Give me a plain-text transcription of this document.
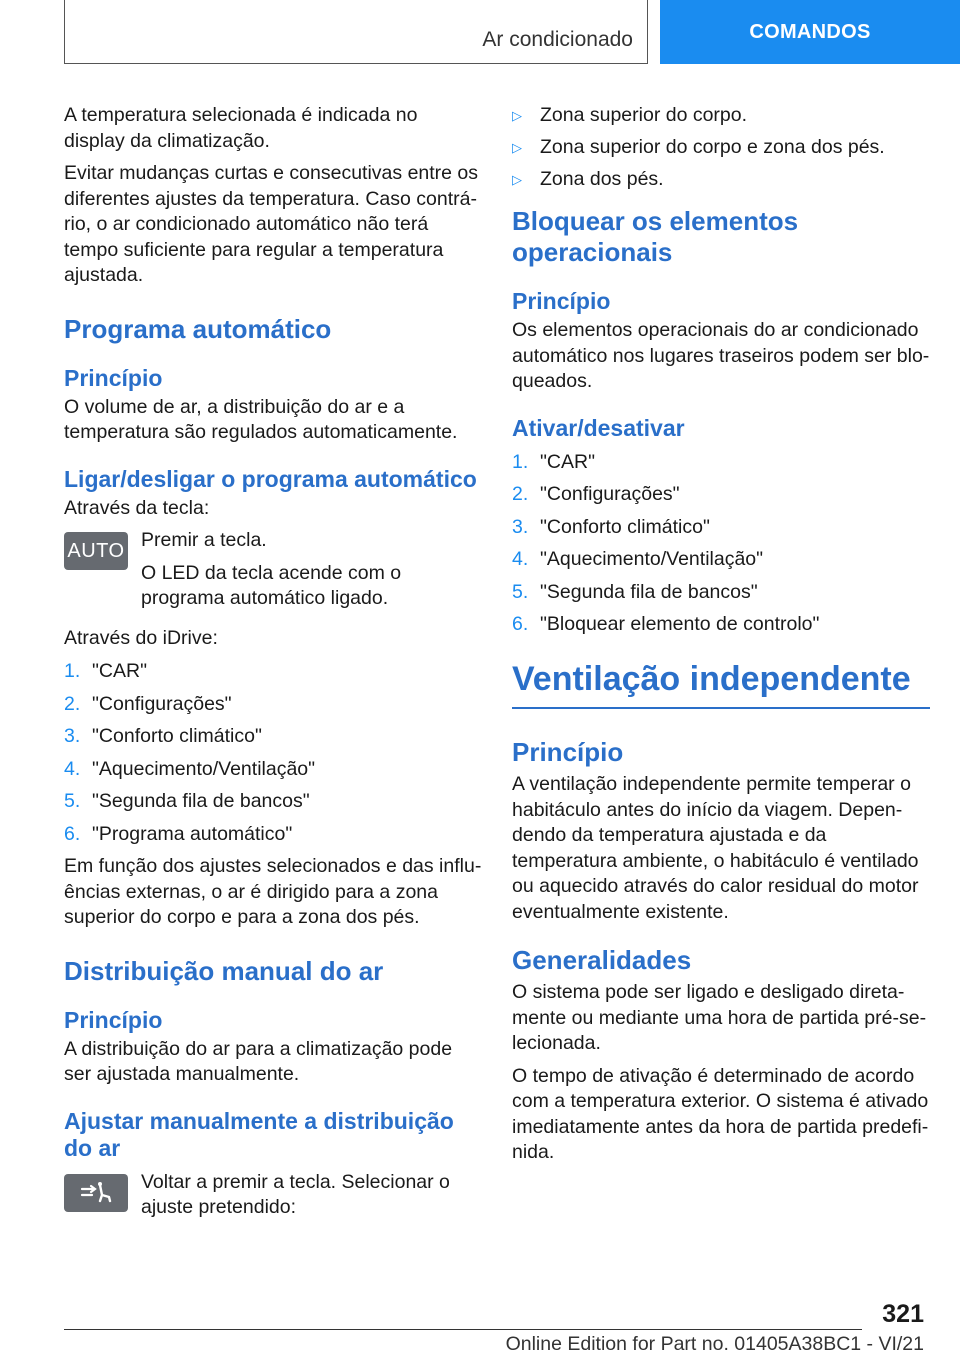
Ar condicionado	COMANDOS

A temperatura selecionada é indicada no display da climatização.

Evitar mudanças curtas e consecutivas entre os diferentes ajustes da temperatura. Caso contrário, o ar condicionado automático não terá tempo suficiente para regular a temperatura ajustada.

Programa automático
Princípio

O volume de ar, a distribuição do ar e a temperatura são regulados automaticamente.

Ligar/desligar o programa automático

Através da tecla:

AUTO Premir a tecla.

O LED da tecla acende com o programa automático ligado.

Através do iDrive:

1. "CAR"
2. "Configurações"
3. "Conforto climático"
4. "Aquecimento/Ventilação"
5. "Segunda fila de bancos"
6. "Programa automático"

Em função dos ajustes selecionados e das influências externas, o ar é dirigido para a zona superior do corpo e para a zona dos pés.

Distribuição manual do ar
Princípio

A distribuição do ar para a climatização pode ser ajustada manualmente.

Ajustar manualmente a distribuição do ar

Voltar a premir a tecla. Selecionar o ajuste pretendido:

▷ Zona superior do corpo.
▷ Zona superior do corpo e zona dos pés.
▷ Zona dos pés.
Bloquear os elementos operacionais
Princípio

Os elementos operacionais do ar condicionado automático nos lugares traseiros podem ser bloqueados.

Ativar/desativar
1. "CAR"
2. "Configurações"
3. "Conforto climático"
4. "Aquecimento/Ventilação"
5. "Segunda fila de bancos"
6. "Bloquear elemento de controlo"
Ventilação independente
Princípio

A ventilação independente permite temperar o habitáculo antes do início da viagem. Dependendo da temperatura ajustada e da temperatura ambiente, o habitáculo é ventilado ou aquecido através do calor residual do motor eventualmente existente.

Generalidades

O sistema pode ser ligado e desligado diretamente ou mediante uma hora de partida pré-selecionada.

O tempo de ativação é determinado de acordo com a temperatura exterior. O sistema é ativado imediatamente antes da hora de partida predefinida.

321
Online Edition for Part no. 01405A38BC1 - VI/21
